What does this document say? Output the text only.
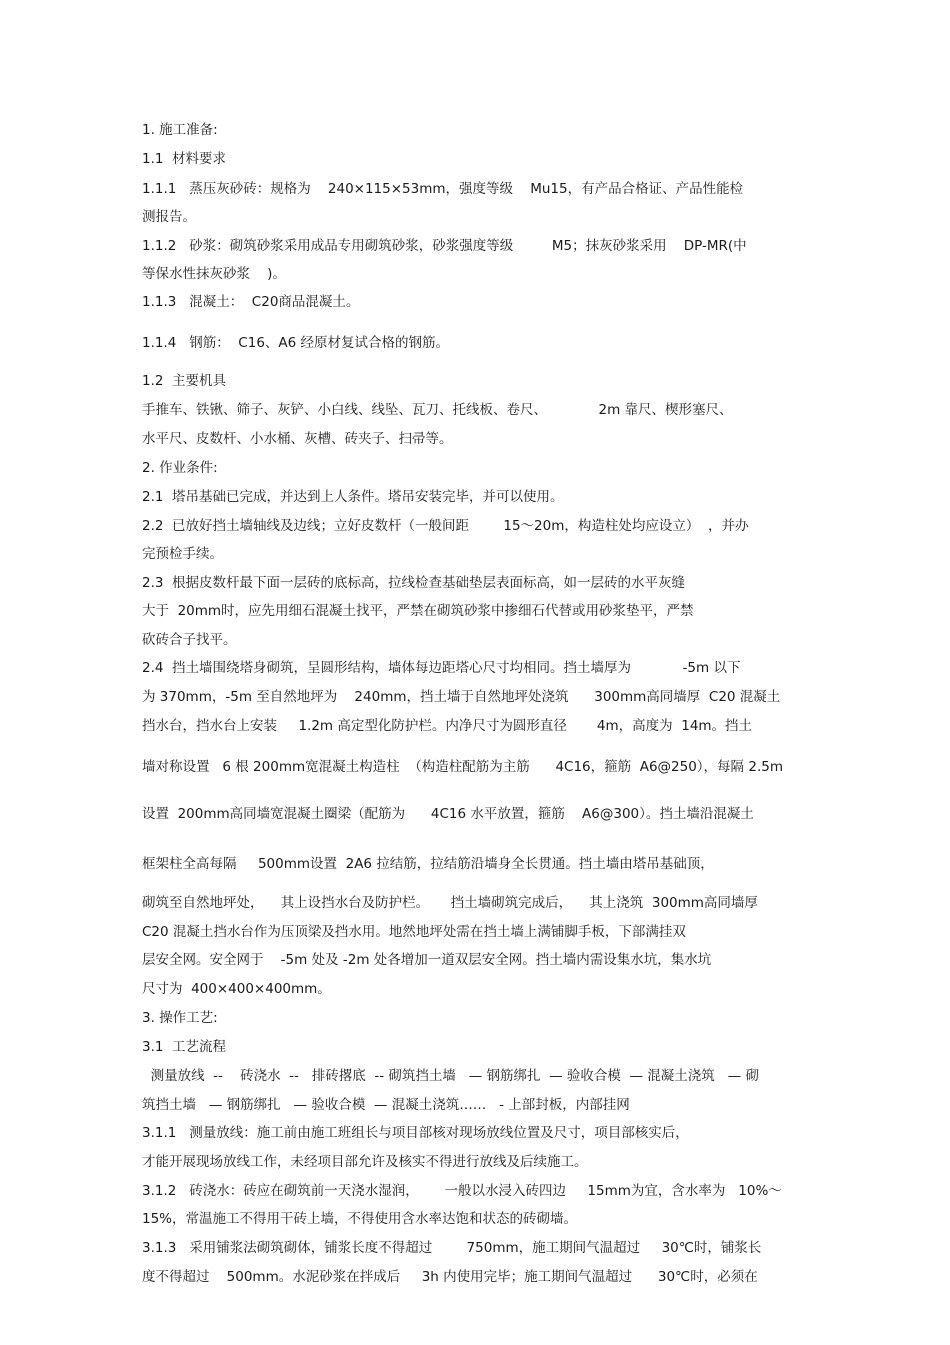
1. 施工准备:
1.1  材料要求
1.1.1   蒸压灰砂砖：规格为    240×115×53mm，强度等级    Mu15，有产品合格证、产品性能检
测报告。
1.1.2   砂浆：砌筑砂浆采用成品专用砌筑砂浆，砂浆强度等级         M5；抹灰砂浆采用    DP-MR(中
等保水性抹灰砂浆    )。
1.1.3   混凝土：  C20商品混凝土。
1.1.4   钢筋：  C16、A6 经原材复试合格的钢筋。
1.2  主要机具
手推车、铁锹、筛子、灰铲、小白线、线坠、瓦刀、托线板、卷尺、            2m 靠尺、楔形塞尺、
水平尺、皮数杆、小水桶、灰槽、砖夹子、扫帚等。
2. 作业条件:
2.1  塔吊基础已完成，并达到上人条件。塔吊安装完毕，并可以使用。
2.2  已放好挡土墙轴线及边线；立好皮数杆（一般间距        15～20m，构造柱处均应设立）  ，并办
完预检手续。
2.3  根据皮数杆最下面一层砖的底标高，拉线检查基础垫层表面标高，如一层砖的水平灰缝
大于  20mm时，应先用细石混凝土找平，严禁在砌筑砂浆中掺细石代替或用砂浆垫平，严禁
砍砖合子找平。
2.4  挡土墙围绕塔身砌筑，呈圆形结构，墙体每边距塔心尺寸均相同。挡土墙厚为            -5m 以下
为 370mm，-5m 至自然地坪为    240mm，挡土墙于自然地坪处浇筑      300mm高同墙厚  C20 混凝土
挡水台，挡水台上安装     1.2m 高定型化防护栏。内净尺寸为圆形直径       4m，高度为  14m。挡土
墙对称设置   6 根 200mm宽混凝土构造柱  （构造柱配筋为主筋      4C16，箍筋  A6@250），每隔 2.5m
设置  200mm高同墙宽混凝土圈梁（配筋为      4C16 水平放置，箍筋    A6@300）。挡土墙沿混凝土
框架柱全高每隔     500mm设置  2A6 拉结筋，拉结筋沿墙身全长贯通。挡土墙由塔吊基础顶，
砌筑至自然地坪处，    其上设挡水台及防护栏。     挡土墙砌筑完成后，    其上浇筑  300mm高同墙厚
C20 混凝土挡水台作为压顶梁及挡水用。地然地坪处需在挡土墙上满铺脚手板，下部满挂双
层安全网。安全网于    -5m 处及 -2m 处各增加一道双层安全网。挡土墙内需设集水坑，集水坑
尺寸为  400×400×400mm。
3. 操作工艺:
3.1  工艺流程
测量放线  --    砖浇水  --   排砖撂底  -- 砌筑挡土墙   — 钢筋绑扎  — 验收合模  — 混凝土浇筑   — 砌
筑挡土墙   — 钢筋绑扎   — 验收合模  — 混凝土浇筑……   - 上部封板，内部挂网
3.1.1   测量放线：施工前由施工班组长与项目部核对现场放线位置及尺寸，项目部核实后，
才能开展现场放线工作，未经项目部允许及核实不得进行放线及后续施工。
3.1.2   砖浇水：砖应在砌筑前一天浇水湿润，      一般以水浸入砖四边     15mm为宜，含水率为   10%～
15%，常温施工不得用干砖上墙，不得使用含水率达饱和状态的砖砌墙。
3.1.3   采用铺浆法砌筑砌体，铺浆长度不得超过        750mm，施工期间气温超过     30℃时，铺浆长
度不得超过    500mm。水泥砂浆在拌成后     3h 内使用完毕；施工期间气温超过      30℃时，必须在
